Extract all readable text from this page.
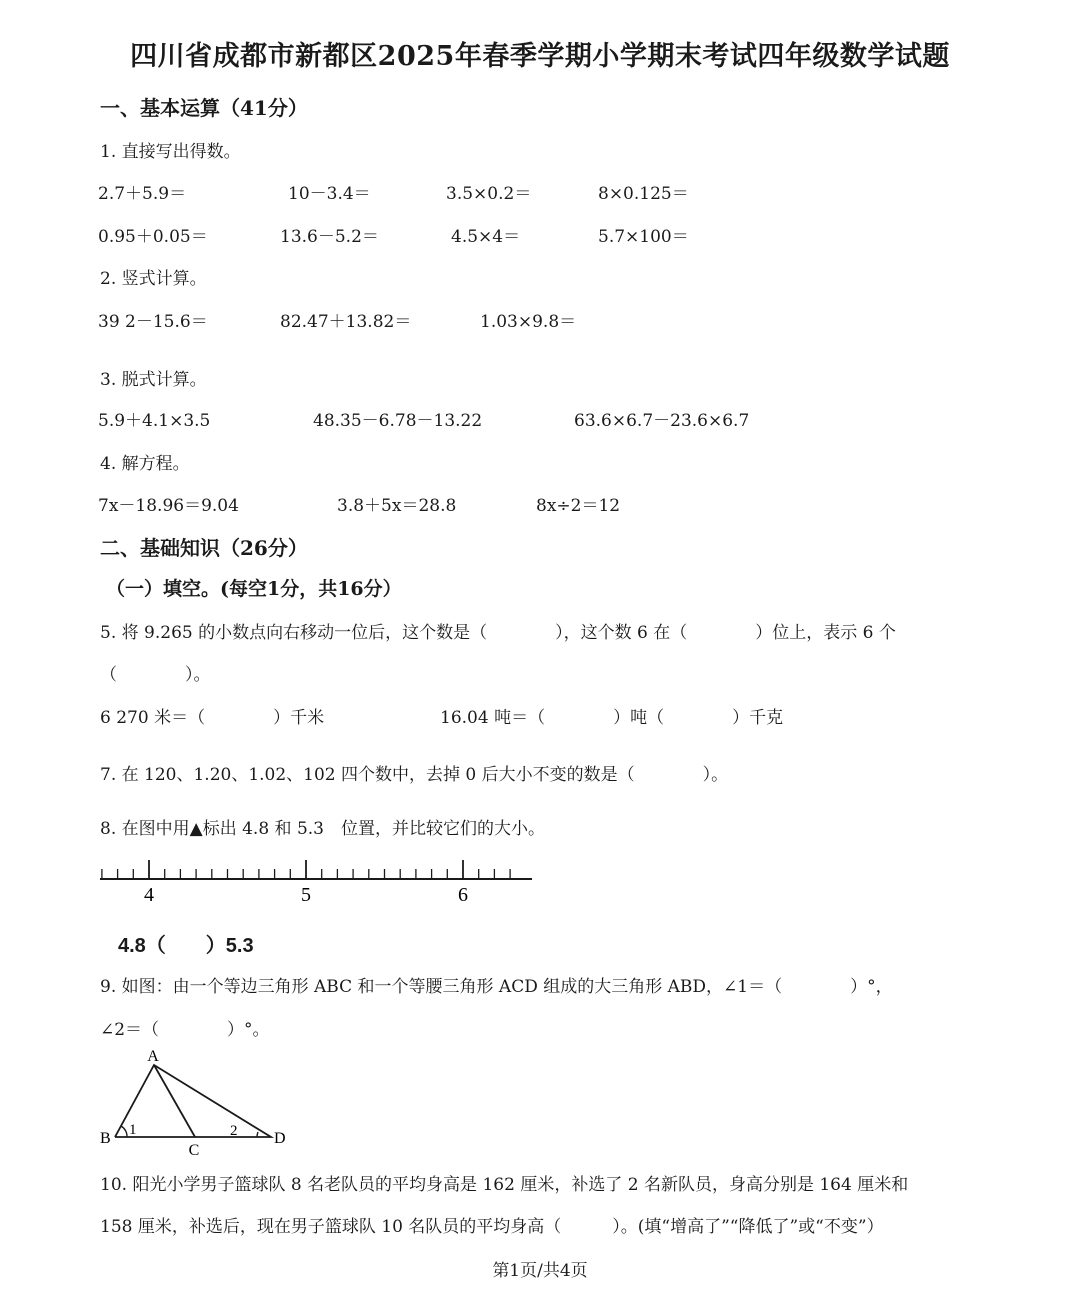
四川省成都市新都区2025年春季学期小学期末考试四年级数学试题
一、基本运算（41分）
1. 直接写出得数。
2.7＋5.9＝	10－3.4＝	3.5×0.2＝	8×0.125＝
0.95＋0.05＝	13.6－5.2＝	4.5×4＝	5.7×100＝
2. 竖式计算。
39 2－15.6＝	82.47＋13.82＝	1.03×9.8＝
3. 脱式计算。
5.9＋4.1×3.5	48.35－6.78－13.22	63.6×6.7－23.6×6.7
4. 解方程。
7x－18.96＝9.04	3.8＋5x＝28.8	8x÷2＝12
二、基础知识（26分）
（一）填空。(每空1分，共16分）
5. 将 9.265 的小数点向右移动一位后，这个数是（　　　　），这个数 6 在（　　　　）位上，表示 6 个
（　　　　）。
6 270 米＝（　　　　）千米	16.04 吨＝（　　　　）吨（　　　　）千克
7. 在 120、1.20、1.02、102 四个数中，去掉 0 后大小不变的数是（　　　　）。
8. 在图中用▲标出 4.8 和 5.3　位置，并比较它们的大小。
4	5	6
4.8（　　）5.3
9. 如图：由一个等边三角形 ABC 和一个等腰三角形 ACD 组成的大三角形 ABD，∠1＝（　　　　）°，
∠2＝（　　　　）°。
A
B
C
D
1	2
10. 阳光小学男子篮球队 8 名老队员的平均身高是 162 厘米，补选了 2 名新队员，身高分别是 164 厘米和
158 厘米，补选后，现在男子篮球队 10 名队员的平均身高（　　　）。(填“增高了”“降低了”或“不变”）
第1页/共4页
